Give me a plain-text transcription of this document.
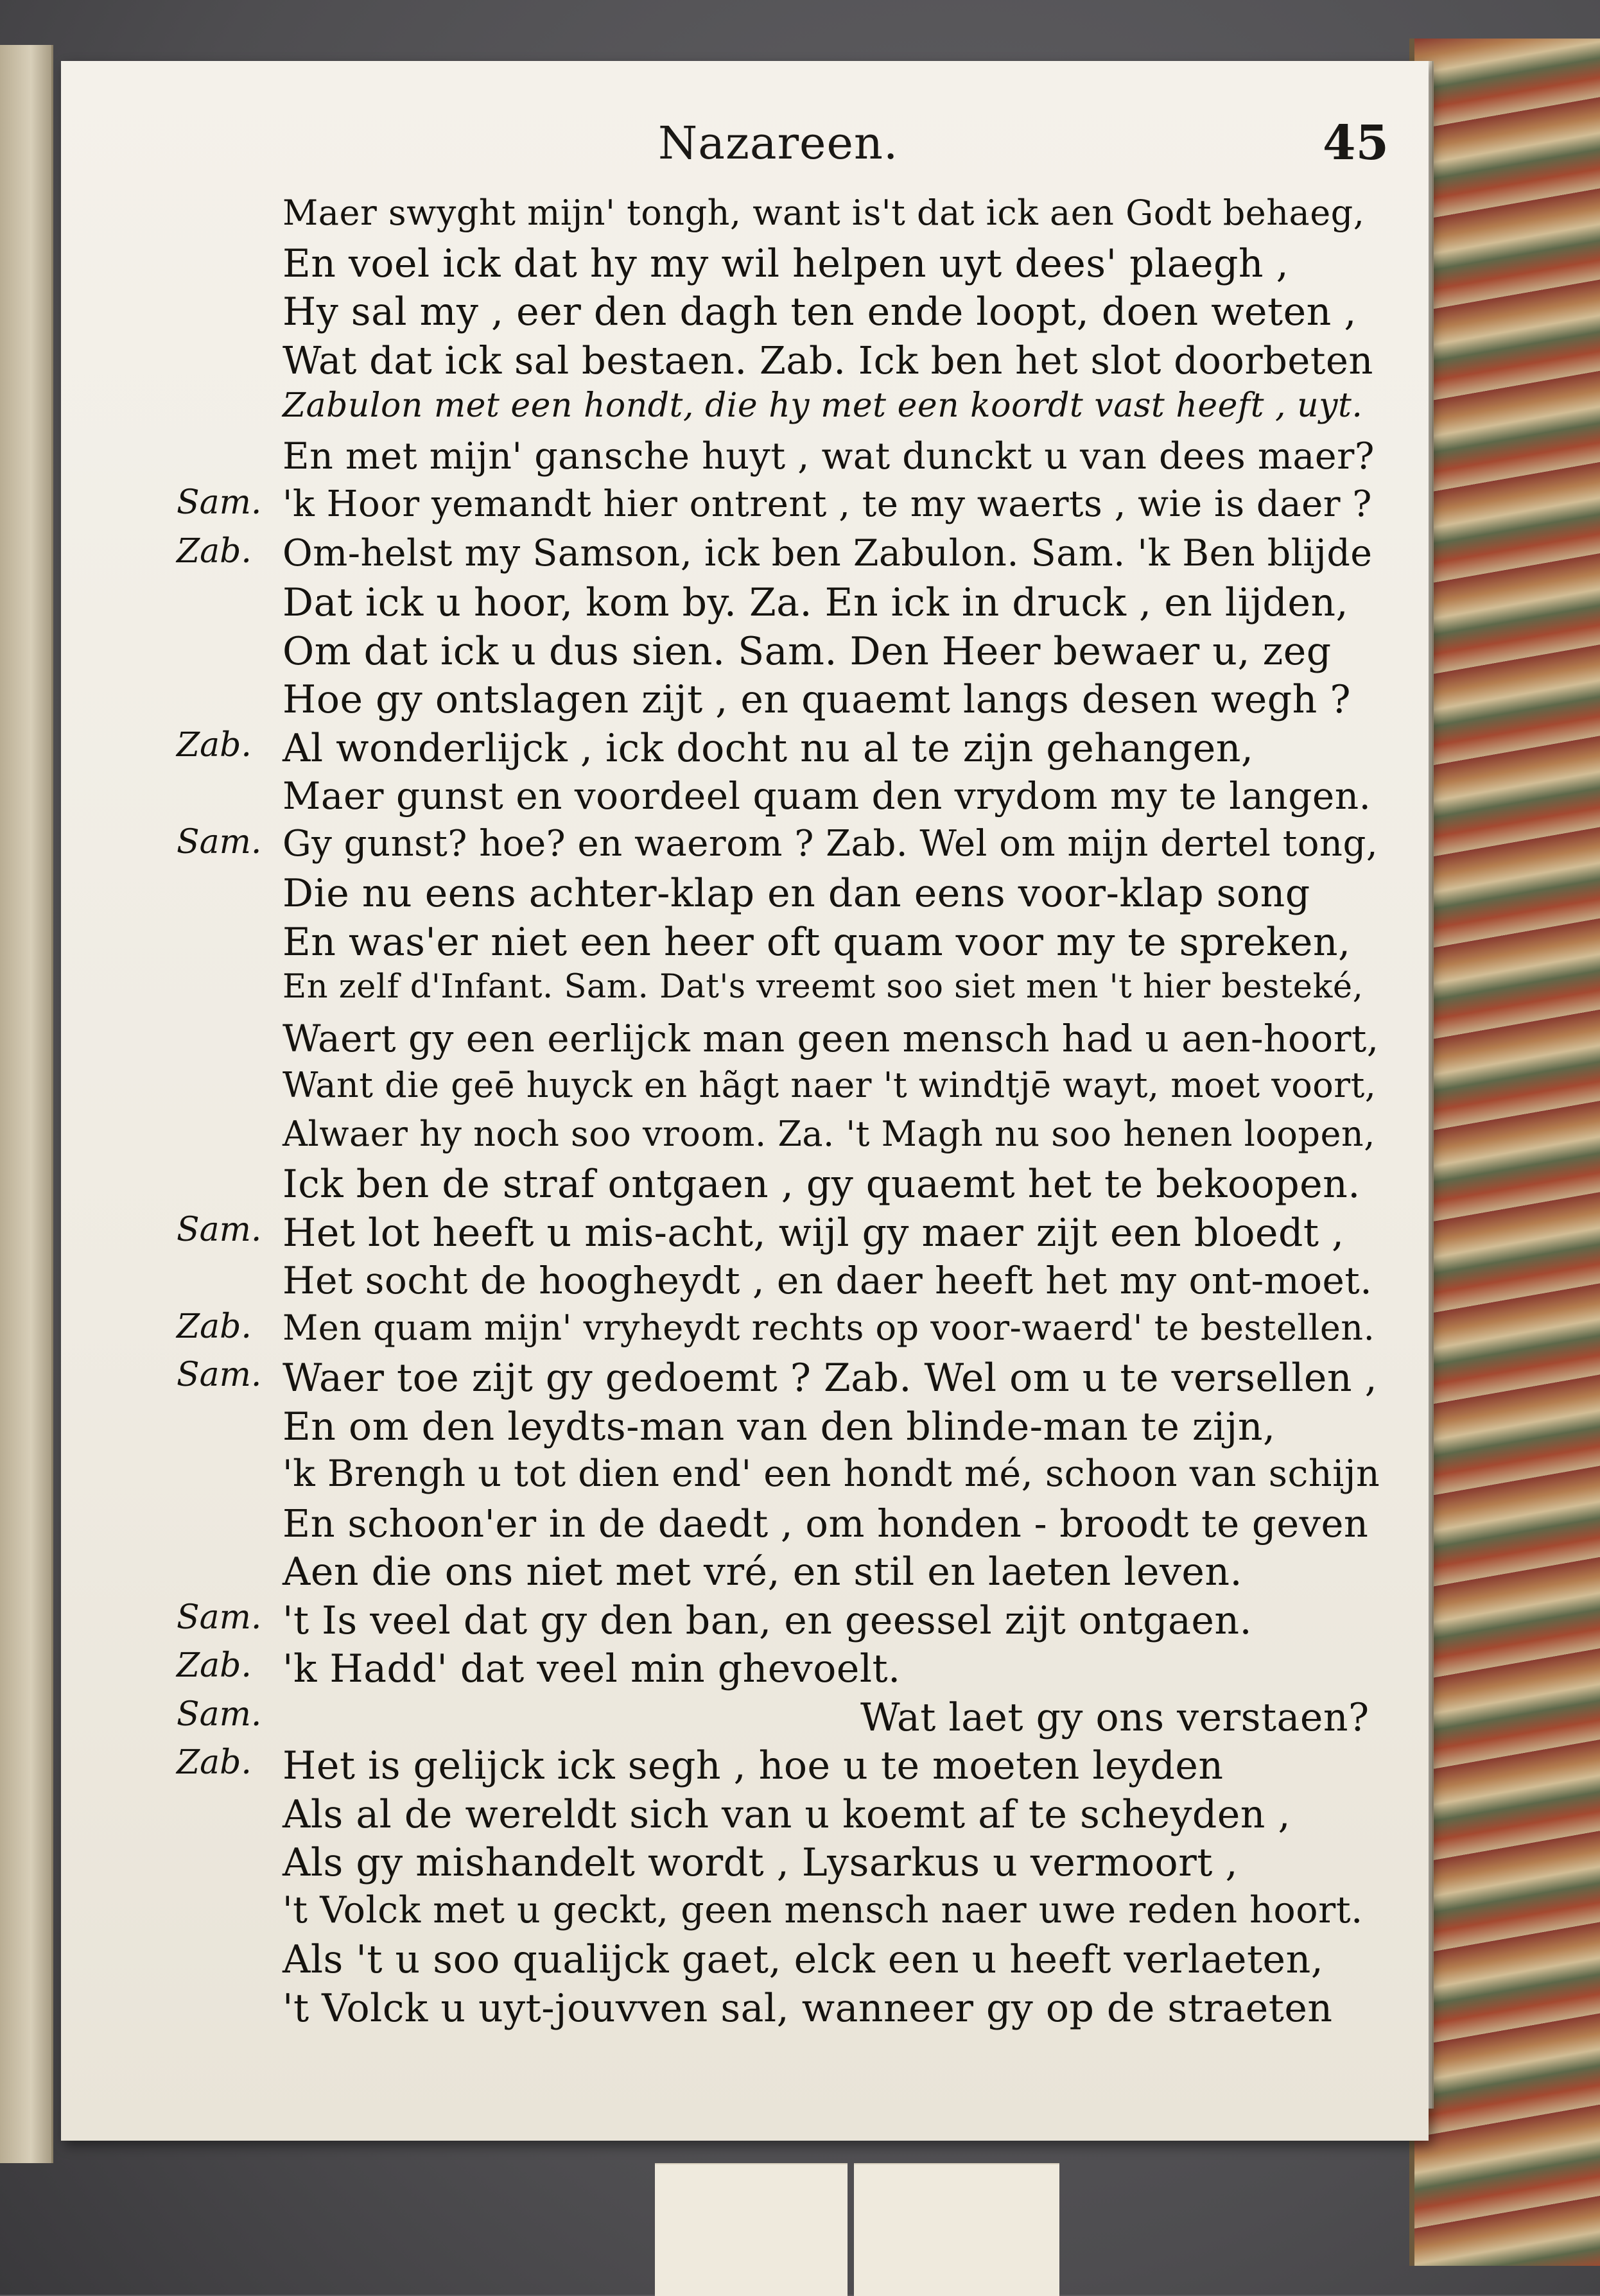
Nazareen.	45
Maer swyght mijn' tongh, want is't dat ick aen Godt behaeg,
En voel ick dat hy my wil helpen uyt dees' plaegh ,
Hy sal my , eer den dagh ten ende loopt, doen weten ,
Wat dat ick sal bestaen. Zab. Ick ben het slot doorbeten
Zabulon met een hondt, die hy met een koordt vast heeft , uyt.
En met mijn' gansche huyt , wat dunckt u van dees maer?
Sam. 'k Hoor yemandt hier ontrent , te my waerts , wie is daer ?
Zab. Om-helst my Samson, ick ben Zabulon. Sam. 'k Ben blijde
Dat ick u hoor, kom by. Za. En ick in druck , en lijden,
Om dat ick u dus sien. Sam. Den Heer bewaer u, zeg
Hoe gy ontslagen zijt , en quaemt langs desen wegh ?
Zab. Al wonderlijck , ick docht nu al te zijn gehangen,
Maer gunst en voordeel quam den vrydom my te langen.
Sam. Gy gunst? hoe? en waerom ? Zab. Wel om mijn dertel tong,
Die nu eens achter-klap en dan eens voor-klap song
En was'er niet een heer oft quam voor my te spreken,
En zelf d'Infant. Sam. Dat's vreemt soo siet men 't hier besteké,
Waert gy een eerlijck man geen mensch had u aen-hoort,
Want die geē huyck en hãgt naer 't windtjē wayt, moet voort,
Alwaer hy noch soo vroom. Za. 't Magh nu soo henen loopen,
Ick ben de straf ontgaen , gy quaemt het te bekoopen.
Sam. Het lot heeft u mis-acht, wijl gy maer zijt een bloedt ,
Het socht de hoogheydt , en daer heeft het my ont-moet.
Zab. Men quam mijn' vryheydt rechts op voor-waerd' te bestellen.
Sam. Waer toe zijt gy gedoemt ? Zab. Wel om u te versellen ,
En om den leydts-man van den blinde-man te zijn,
'k Brengh u tot dien end' een hondt mé, schoon van schijn
En schoon'er in de daedt , om honden - broodt te geven
Aen die ons niet met vré, en stil en laeten leven.
Sam. 't Is veel dat gy den ban, en geessel zijt ontgaen.
Zab. 'k Hadd' dat veel min ghevoelt.
Sam.	Wat laet gy ons verstaen?
Zab. Het is gelijck ick segh , hoe u te moeten leyden
Als al de wereldt sich van u koemt af te scheyden ,
Als gy mishandelt wordt , Lysarkus u vermoort ,
't Volck met u geckt, geen mensch naer uwe reden hoort.
Als 't u soo qualijck gaet, elck een u heeft verlaeten,
't Volck u uyt-jouvven sal, wanneer gy op de straeten
